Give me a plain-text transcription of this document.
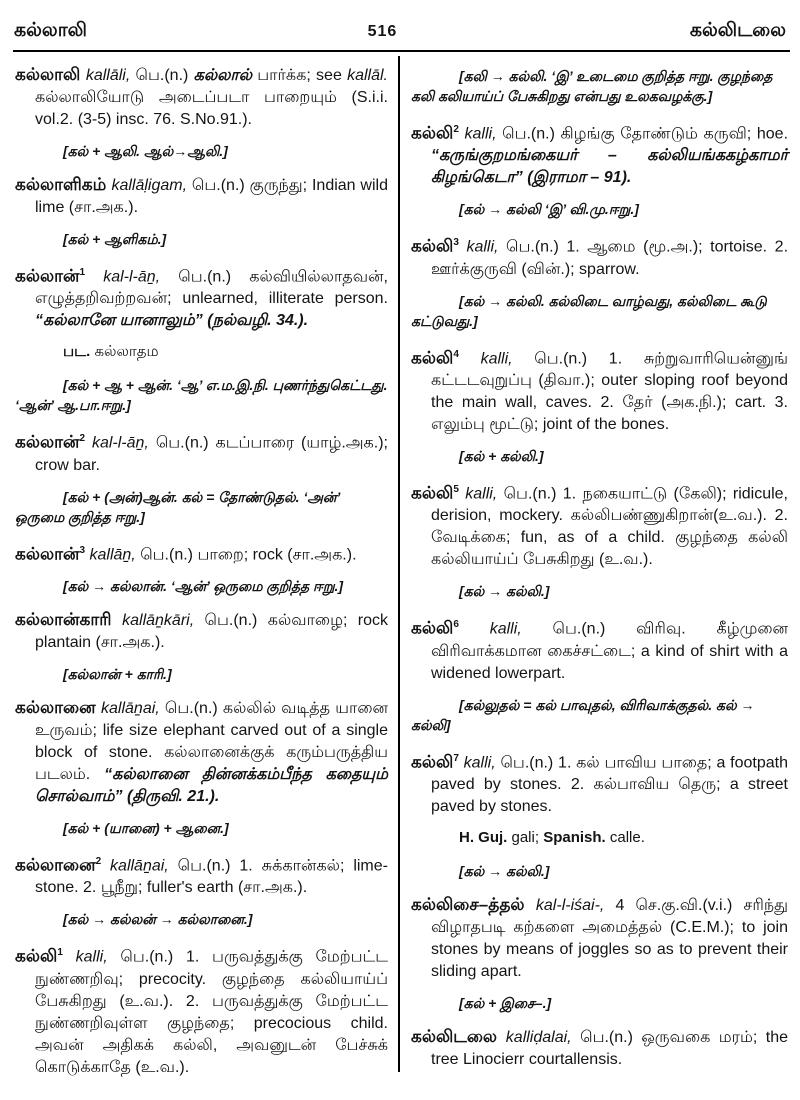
கல்லாலி	516	கல்லிடலை

கல்லாலி kallāli, பெ.(n.) கல்லால் பார்க்க; see kallāl. கல்லாலியோடு அடைப்படா பாறையும் (S.i.i. vol.2. (3-5) insc. 76. S.No.91.).

[கல் + ஆலி. ஆல்→ஆலி.]

கல்லாளிகம் kallāḷigam, பெ.(n.) குருந்து; Indian wild lime (சா.அக.).

[கல் + ஆளிகம்.]

கல்லான்$^1$ kal-l-āṉ, பெ.(n.) கல்வியில்லாதவன், எழுத்தறிவற்றவன்; unlearned, illiterate person. “கல்லானே யானாலும்” (நல்வழி. 34.).

பட. கல்லாதம

[கல் + ஆ + ஆன். ‘ஆ’ எ.ம.இ.நி. புணர்ந்துகெட்டது. ‘ஆன்’ ஆ.பா.ஈறு.]

கல்லான்$^2$ kal-l-āṉ, பெ.(n.) கடப்பாரை (யாழ்.அக.); crow bar.

[கல் + (அன்)ஆன். கல் = தோண்டுதல். ‘அன்’ ஒருமை குறித்த ஈறு.]

கல்லான்$^3$ kallāṉ, பெ.(n.) பாறை; rock (சா.அக.).

[கல் → கல்லான். ‘ஆன்’ ஒருமை குறித்த ஈறு.]

கல்லான்காரி kallāṉkāri, பெ.(n.) கல்வாழை; rock plantain (சா.அக.).

[கல்லான் + காரி.]

கல்லானை kallāṉai, பெ.(n.) கல்லில் வடித்த யானை உருவம்; life size elephant carved out of a single block of stone. கல்லானைக்குக் கரும்பருத்திய படலம். “கல்லானை தின்னக்கம்பீந்த கதையும் சொல்வாம்” (திருவி. 21.).

[கல் + (யானை) + ஆனை.]

கல்லானை$^2$ kallāṉai, பெ.(n.) 1. சுக்கான்கல்; lime-stone. 2. பூநீறு; fuller's earth (சா.அக.).

[கல் → கல்லன் → கல்லானை.]

கல்லி$^1$ kalli, பெ.(n.) 1. பருவத்துக்கு மேற்பட்ட நுண்ணறிவு; precocity. குழந்தை கல்லியாய்ப் பேசுகிறது (உ.வ.). 2. பருவத்துக்கு மேற்பட்ட நுண்ணறிவுள்ள குழந்தை; precocious child. அவன் அதிகக் கல்லி, அவனுடன் பேச்சுக் கொடுக்காதே (உ.வ.).

[கலி → கல்லி. ‘இ’ உடைமை குறித்த ஈறு. குழந்தை கலி கலியாய்ப் பேசுகிறது என்பது உலகவழக்கு.]

கல்லி$^2$ kalli, பெ.(n.) கிழங்கு தோண்டும் கருவி; hoe. “கருங்குறமங்கையர் – கல்லியங்ககழ்காமர் கிழங்கெடா” (இராமா – 91).

[கல் → கல்லி ‘இ’ வி.மு.ஈறு.]

கல்லி$^3$ kalli, பெ.(n.) 1. ஆமை (மூ.அ.); tortoise. 2. ஊர்க்குருவி (வின்.); sparrow.

[கல் → கல்லி. கல்லிடை வாழ்வது, கல்லிடை கூடு கட்டுவது.]

கல்லி$^4$ kalli, பெ.(n.) 1. சுற்றுவாரியென்னுங் கட்டடவுறுப்பு (திவா.); outer sloping roof beyond the main wall, caves. 2. தேர் (அக.நி.); cart. 3. எலும்பு மூட்டு; joint of the bones.

[கல் + கல்லி.]

கல்லி$^5$ kalli, பெ.(n.) 1. நகையாட்டு (கேலி); ridicule, derision, mockery. கல்லிபண்ணுகிறான்(உ.வ.). 2. வேடிக்கை; fun, as of a child. குழந்தை கல்லி கல்லியாய்ப் பேசுகிறது (உ.வ.).

[கல் → கல்லி.]

கல்லி$^6$ kalli, பெ.(n.) விரிவு. கீழ்முனை விரிவாக்கமான கைச்சட்டை; a kind of shirt with a widened lowerpart.

[கல்லுதல் = கல் பாவுதல், விரிவாக்குதல். கல் → கல்லி]

கல்லி$^7$ kalli, பெ.(n.) 1. கல் பாவிய பாதை; a footpath paved by stones. 2. கல்பாவிய தெரு; a street paved by stones.

H. Guj. gali; Spanish. calle.

[கல் → கல்லி.]

கல்லிசை–த்தல் kal-l-iśai-, 4 செ.கு.வி.(v.i.) சரிந்து விழாதபடி கற்களை அமைத்தல் (C.E.M.); to join stones by means of joggles so as to prevent their sliding apart.

[கல் + இசை–.]

கல்லிடலை kalliḍalai, பெ.(n.) ஒருவகை மரம்; the tree Linocierr courtallensis.
